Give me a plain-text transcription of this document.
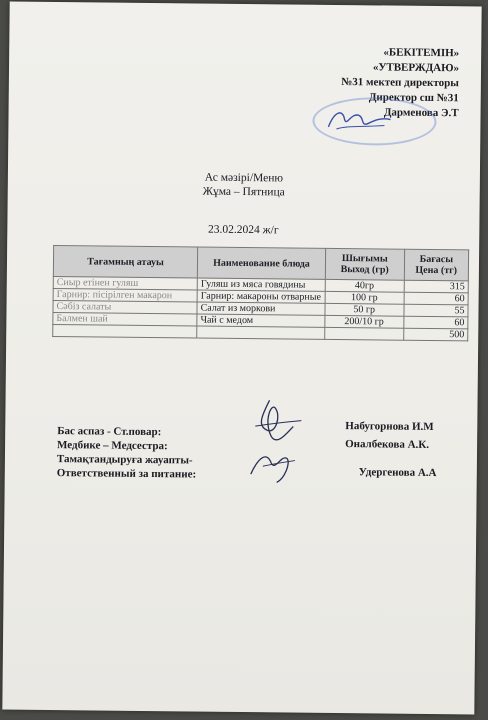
«БЕКІТЕМІН»
«УТВЕРЖДАЮ»
№31 мектеп директоры
Директор сш №31
Дарменова Э.Т
Ас мәзірі/Меню
Жұма – Пятница
23.02.2024 ж/г
Тағамның атауы	Наименование блюда	Шығымы Выход (гр)	Бағасы Цена (тг)
Сиыр етінен гуляш	Гуляш из мяса говядины	40гр	315
Гарнир: пісірілген макарон	Гарнир: макароны отварные	100 гр	60
Сәбіз салаты	Салат из моркови	50 гр	55
Балмен шай	Чай с медом	200/10 гр	60
			500
Бас аспаз - Ст.повар:
Медбике – Медсестра:
Тамақтандыруға жауапты-
Ответственный за питание:
Набугорнова И.М
Оналбекова А.К.
Удергенова А.А
